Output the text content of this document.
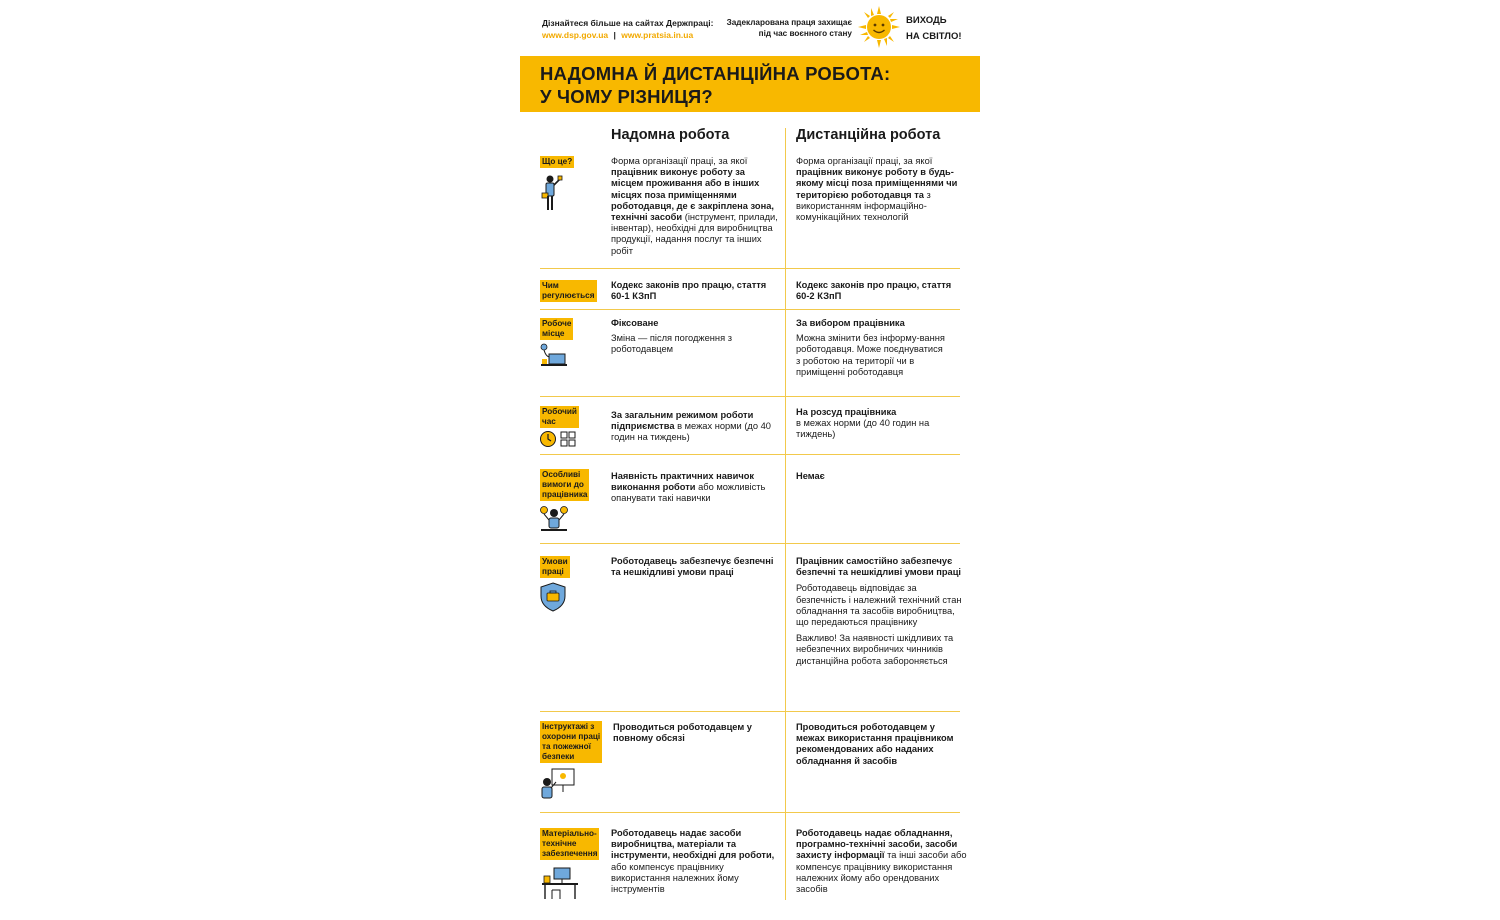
Дізнайтеся більше на сайтах Держпраці:
www.dsp.gov.ua | www.pratsia.in.ua
Задекларована праця захищає
під час воєнного стану
ВИХОДЬ
НА СВІТЛО!
НАДОМНА Й ДИСТАНЦІЙНА РОБОТА:
У ЧОМУ РІЗНИЦЯ?
Надомна робота	Дистанційна робота
Що це?	Форма організації праці, за якої працівник виконує роботу за місцем проживання або в інших місцях поза приміщеннями роботодавця, де є закріплена зона, технічні засоби (інструмент, прилади, інвентар), необхідні для виробництва продукції, надання послуг та інших робіт
Форма організації праці, за якої працівник виконує роботу в будь-якому місці поза приміщеннями чи територією роботодавця та з використанням інформаційно-комунікаційних технологій
Чим
регулюється
Кодекс законів про працю, стаття 60-1 КЗпП
Кодекс законів про працю, стаття 60-2 КЗпП
Робоче
місце
Фіксоване
Зміна — після погодження з роботодавцем
За вибором працівника
Можна змінити без інформу-вання роботодавця. Може поєднуватися з роботою на території чи в приміщенні роботодавця
Робочий
час
За загальним режимом роботи підприємства в межах норми (до 40 годин на тиждень)
На розсуд працівника
в межах норми (до 40 годин на тиждень)
Особливі
вимоги до
працівника
Наявність практичних навичок виконання роботи або можливість опанувати такі навички
Немає
Умови
праці
Роботодавець забезпечує безпечні та нешкідливі умови праці
Працівник самостійно забезпечує безпечні та нешкідливі умови праці
Роботодавець відповідає за безпечність і належний технічний стан обладнання та засобів виробництва, що передаються працівнику
Важливо! За наявності шкідливих та небезпечних виробничих чинників дистанційна робота забороняється
Інструктажі з
охорони праці
та пожежної
безпеки
Проводиться роботодавцем у повному обсязі
Проводиться роботодавцем у межах використання працівником рекомендованих або наданих обладнання й засобів
Матеріально-
технічне
забезпечення
Роботодавець надає засоби виробництва, матеріали та інструменти, необхідні для роботи, або компенсує працівнику використання належних йому інструментів
Роботодавець надає обладнання, програмно-технічні засоби, засоби захисту інформації та інші засоби або компенсує працівнику використання належних йому або орендованих засобів
